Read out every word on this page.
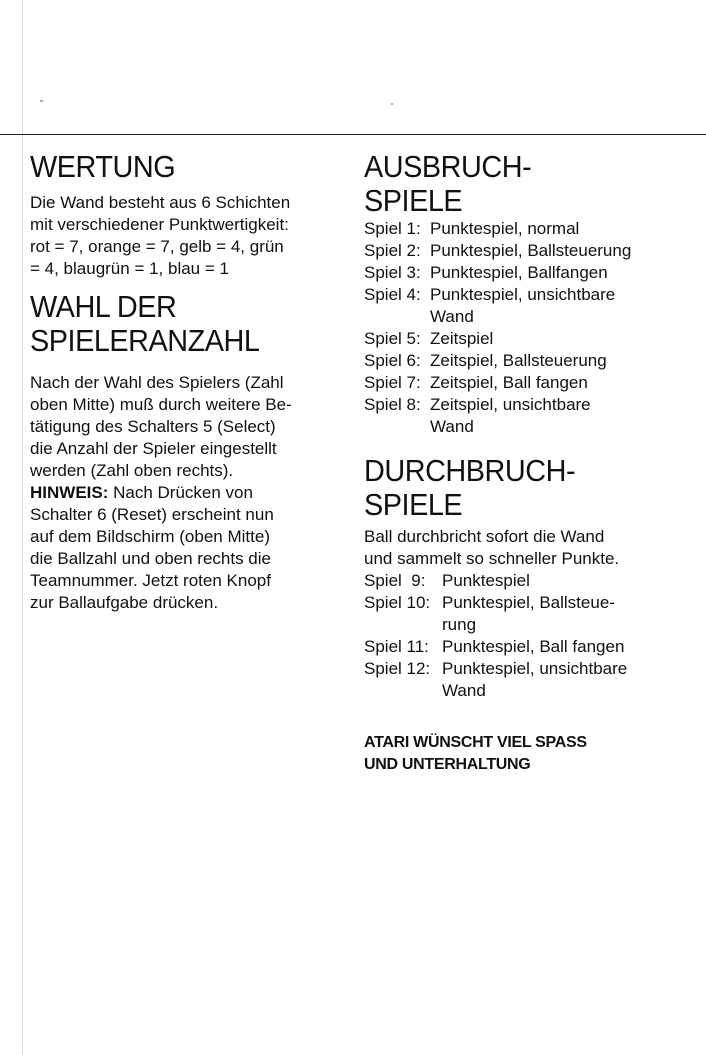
WERTUNG

Die Wand besteht aus 6 Schichten

mit verschiedener Punktwertigkeit:

rot = 7, orange = 7, gelb = 4, grün

= 4, blaugrün = 1, blau = 1

WAHL DER
SPIELERANZAHL

Nach der Wahl des Spielers (Zahl

oben Mitte) muß durch weitere Be-

tätigung des Schalters 5 (Select)

die Anzahl der Spieler eingestellt

werden (Zahl oben rechts).

HINWEIS: Nach Drücken von

Schalter 6 (Reset) erscheint nun

auf dem Bildschirm (oben Mitte)

die Ballzahl und oben rechts die

Teamnummer. Jetzt roten Knopf

zur Ballaufgabe drücken.

AUSBRUCH-
SPIELE
Spiel 1: Punktespiel, normal
Spiel 2: Punktespiel, Ballsteuerung
Spiel 3: Punktespiel, Ballfangen
Spiel 4: Punktespiel, unsichtbare
Wand
Spiel 5: Zeitspiel
Spiel 6: Zeitspiel, Ballsteuerung
Spiel 7: Zeitspiel, Ball fangen
Spiel 8: Zeitspiel, unsichtbare
Wand
DURCHBRUCH-
SPIELE

Ball durchbricht sofort die Wand

und sammelt so schneller Punkte.

Spiel  9: Punktespiel
Spiel 10: Punktespiel, Ballsteue-
rung
Spiel 11: Punktespiel, Ball fangen
Spiel 12: Punktespiel, unsichtbare
Wand
ATARI WÜNSCHT VIEL SPASS
UND UNTERHALTUNG
